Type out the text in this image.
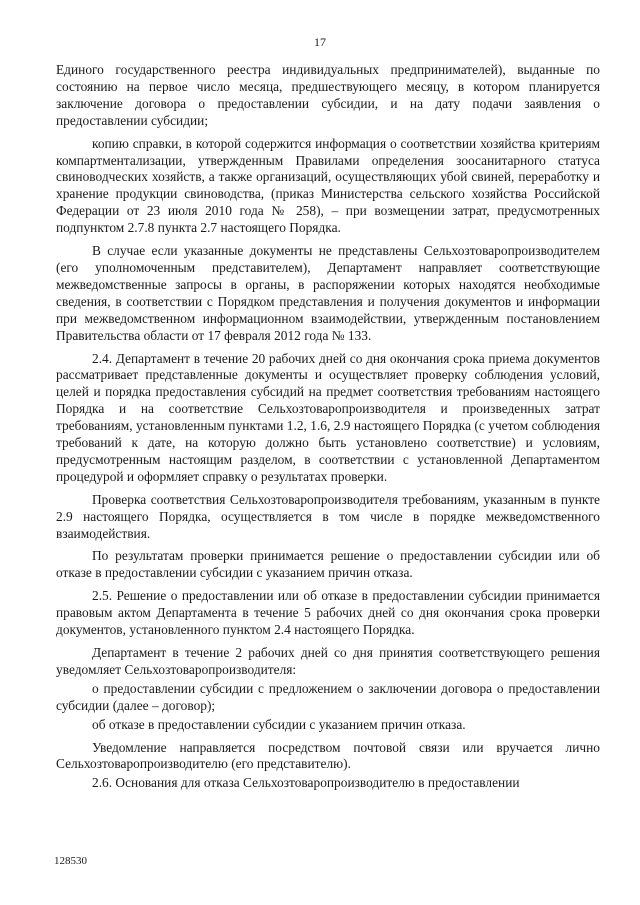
17

Единого государственного реестра индивидуальных предпринимателей), выданные по состоянию на первое число месяца, предшествующего месяцу, в котором планируется заключение договора о предоставлении субсидии, и на дату подачи заявления о предоставлении субсидии;

копию справки, в которой содержится информация о соответствии хозяйства критериям компартментализации, утвержденным Правилами определения зоосанитарного статуса свиноводческих хозяйств, а также организаций, осуществляющих убой свиней, переработку и хранение продукции свиноводства, (приказ Министерства сельского хозяйства Российской Федерации от 23 июля 2010 года № 258), – при возмещении затрат, предусмотренных подпунктом 2.7.8 пункта 2.7 настоящего Порядка.

В случае если указанные документы не представлены Сельхозтоваропроизводителем (его уполномоченным представителем), Департамент направляет соответствующие межведомственные запросы в органы, в распоряжении которых находятся необходимые сведения, в соответствии с Порядком представления и получения документов и информации при межведомственном информационном взаимодействии, утвержденным постановлением Правительства области от 17 февраля 2012 года № 133.

2.4. Департамент в течение 20 рабочих дней со дня окончания срока приема документов рассматривает представленные документы и осуществляет проверку соблюдения условий, целей и порядка предоставления субсидий на предмет соответствия требованиям настоящего Порядка и на соответствие Сельхозтоваропроизводителя и произведенных затрат требованиям, установленным пунктами 1.2, 1.6, 2.9 настоящего Порядка (с учетом соблюдения требований к дате, на которую должно быть установлено соответствие) и условиям, предусмотренным настоящим разделом, в соответствии с установленной Департаментом процедурой и оформляет справку о результатах проверки.

Проверка соответствия Сельхозтоваропроизводителя требованиям, указанным в пункте 2.9 настоящего Порядка, осуществляется в том числе в порядке межведомственного взаимодействия.

По результатам проверки принимается решение о предоставлении субсидии или об отказе в предоставлении субсидии с указанием причин отказа.

2.5. Решение о предоставлении или об отказе в предоставлении субсидии принимается правовым актом Департамента в течение 5 рабочих дней со дня окончания срока проверки документов, установленного пунктом 2.4 настоящего Порядка.

Департамент в течение 2 рабочих дней со дня принятия соответствующего решения уведомляет Сельхозтоваропроизводителя:

о предоставлении субсидии с предложением о заключении договора о предоставлении субсидии (далее – договор);

об отказе в предоставлении субсидии с указанием причин отказа.

Уведомление направляется посредством почтовой связи или вручается лично Сельхозтоваропроизводителю (его представителю).

2.6. Основания для отказа Сельхозтоваропроизводителю в предоставлении

128530
